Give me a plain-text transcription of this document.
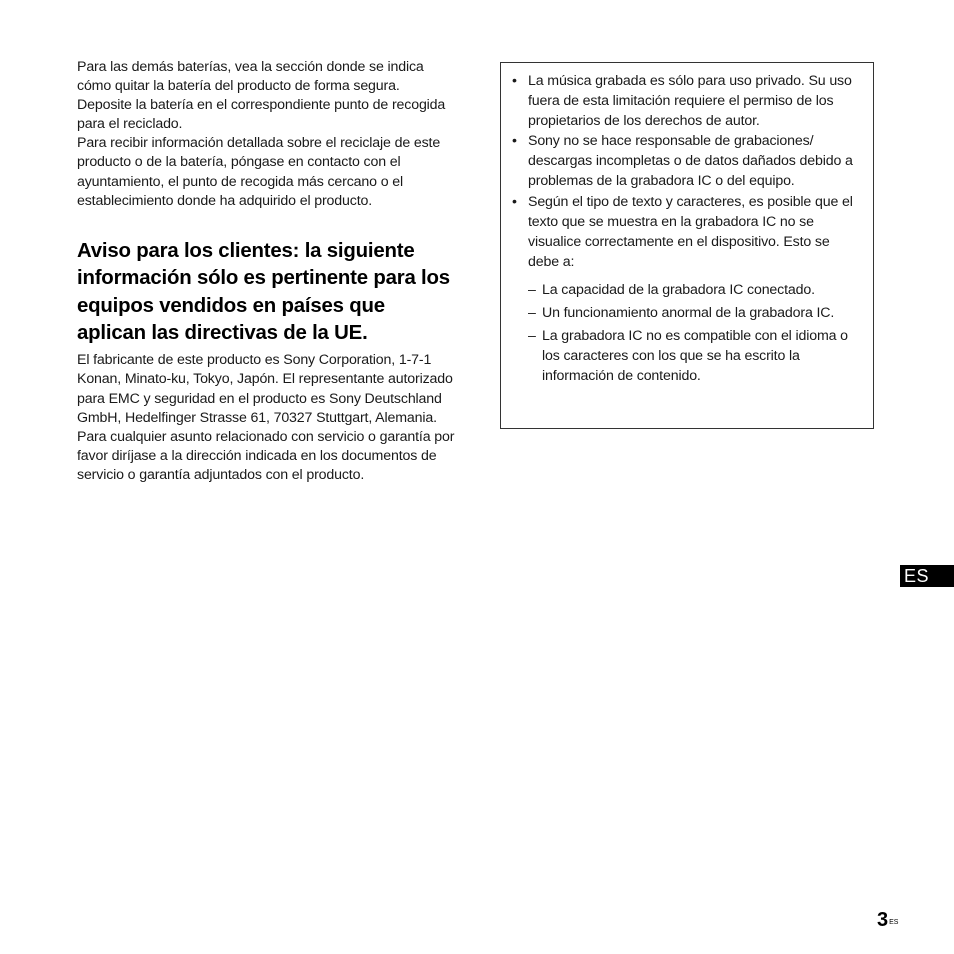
Para las demás baterías, vea la sección donde se indica cómo quitar la batería del producto de forma segura. Deposite la batería en el correspondiente punto de recogida para el reciclado.

Para recibir información detallada sobre el reciclaje de este producto o de la batería, póngase en contacto con el ayuntamiento, el punto de recogida más cercano o el establecimiento donde ha adquirido el producto.

Aviso para los clientes: la siguiente información sólo es pertinente para los equipos vendidos en países que aplican las directivas de la UE.

El fabricante de este producto es Sony Corporation, 1-7-1 Konan, Minato-ku, Tokyo, Japón. El representante autorizado para EMC y seguridad en el producto es Sony Deutschland GmbH, Hedelfinger Strasse 61, 70327 Stuttgart, Alemania. Para cualquier asunto relacionado con servicio o garantía por favor diríjase a la dirección indicada en los documentos de servicio o garantía adjuntados con el producto.

• La música grabada es sólo para uso privado. Su uso fuera de esta limitación requiere el permiso de los propietarios de los derechos de autor.
• Sony no se hace responsable de grabaciones/ descargas incompletas o de datos dañados debido a problemas de la grabadora IC o del equipo.
• Según el tipo de texto y caracteres, es posible que el texto que se muestra en la grabadora IC no se visualice correctamente en el dispositivo. Esto se debe a:
– La capacidad de la grabadora IC conectado.
– Un funcionamiento anormal de la grabadora IC.
– La grabadora IC no es compatible con el idioma o los caracteres con los que se ha escrito la información de contenido.
ES
$3^{ES}$
